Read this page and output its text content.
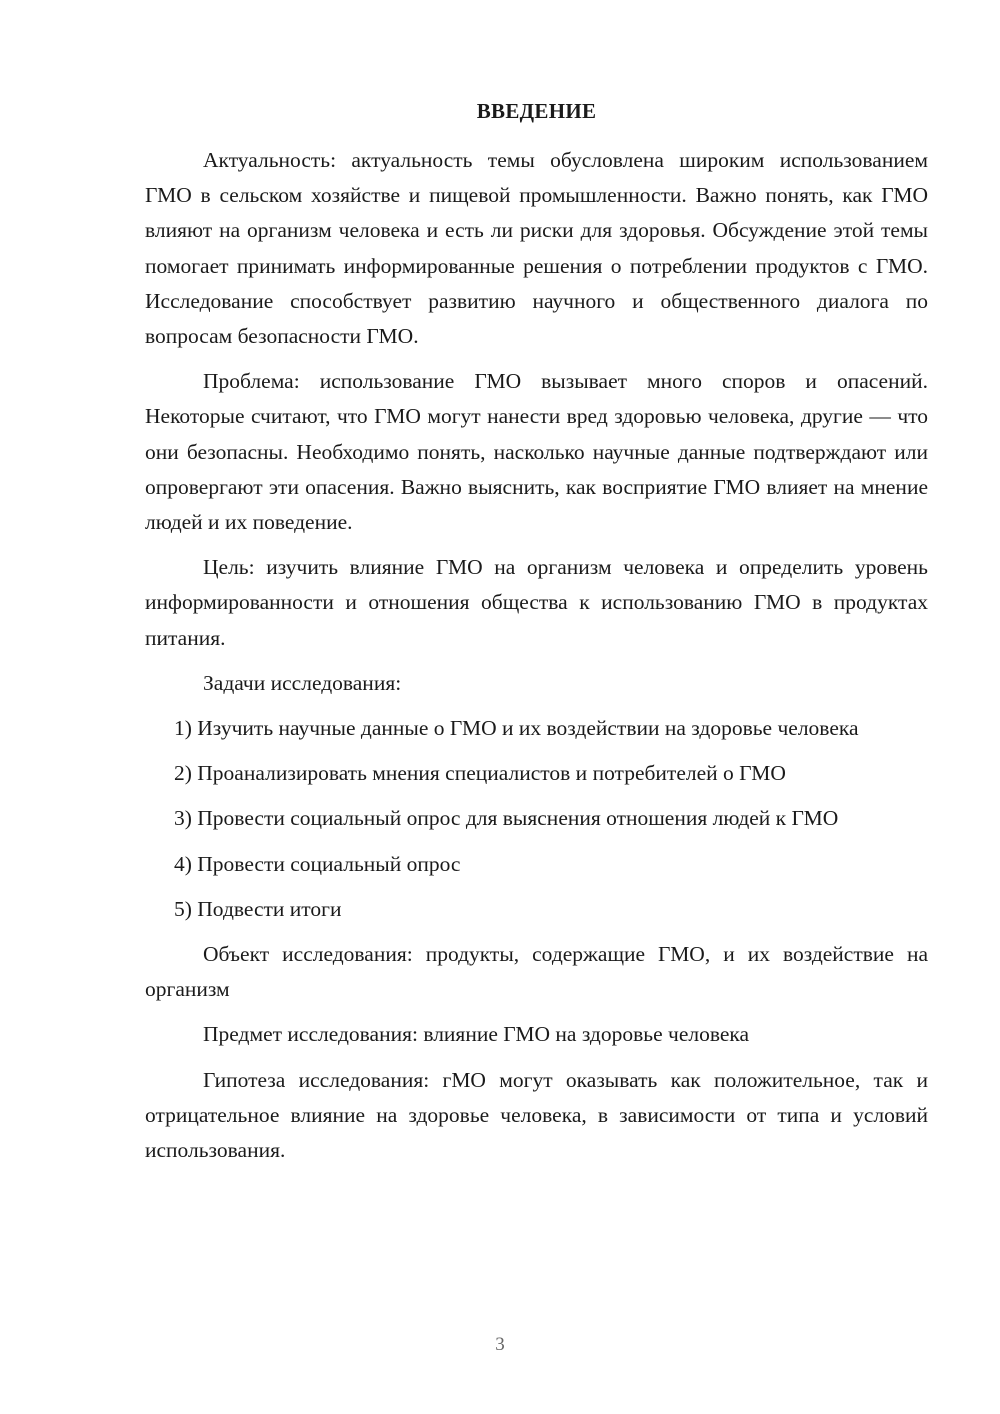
ВВЕДЕНИЕ

Актуальность: актуальность темы обусловлена широким использованием ГМО в сельском хозяйстве и пищевой промышленности. Важно понять, как ГМО влияют на организм человека и есть ли риски для здоровья. Обсуждение этой темы помогает принимать информированные решения о потреблении продуктов с ГМО. Исследование способствует развитию научного и общественного диалога по вопросам безопасности ГМО.

Проблема: использование ГМО вызывает много споров и опасений. Некоторые считают, что ГМО могут нанести вред здоровью человека, другие — что они безопасны. Необходимо понять, насколько научные данные подтверждают или опровергают эти опасения. Важно выяснить, как восприятие ГМО влияет на мнение людей и их поведение.

Цель: изучить влияние ГМО на организм человека и определить уровень информированности и отношения общества к использованию ГМО в продуктах питания.

Задачи исследования:

1) Изучить научные данные о ГМО и их воздействии на здоровье человека

2) Проанализировать мнения специалистов и потребителей о ГМО

3) Провести социальный опрос для выяснения отношения людей к ГМО

4) Провести социальный опрос

5) Подвести итоги

Объект исследования: продукты, содержащие ГМО, и их воздействие на организм

Предмет исследования: влияние ГМО на здоровье человека

Гипотеза исследования: гМО могут оказывать как положительное, так и отрицательное влияние на здоровье человека, в зависимости от типа и условий использования.

3
